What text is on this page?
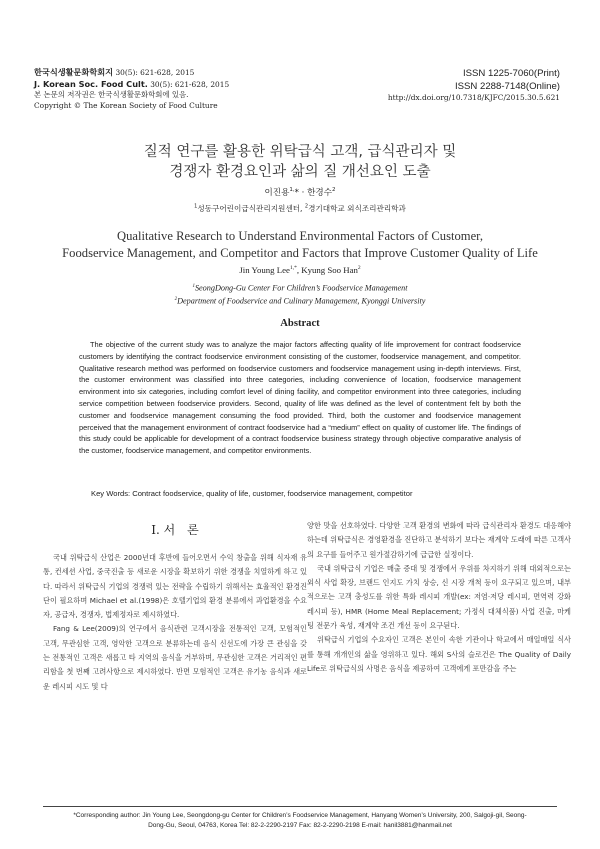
한국식생활문화학회지 30(5): 621-628, 2015
J. Korean Soc. Food Cult. 30(5): 621-628, 2015
본 논문의 저작권은 한국식생활문화학회에 있음.
Copyright © The Korean Society of Food Culture
ISSN 1225-7060(Print)
ISSN 2288-7148(Online)
http://dx.doi.org/10.7318/KJFC/2015.30.5.621
질적 연구를 활용한 위탁급식 고객, 급식관리자 및
경쟁자 환경요인과 삶의 질 개선요인 도출
이진용$^{1,}$* · 한경수$^2$
$^1$성동구어린이급식관리지원센터, $^2$경기대학교 외식조리관리학과
Qualitative Research to Understand Environmental Factors of Customer,
Foodservice Management, and Competitor and Factors that Improve Customer Quality of Life
Jin Young Lee$^{1,*}$, Kyung Soo Han$^2$
$^1$SeongDong-Gu Center For Children’s Foodservice Management
$^2$Department of Foodservice and Culinary Management, Kyonggi University
Abstract
The objective of the current study was to analyze the major factors affecting quality of life improvement for contract foodservice customers by identifying the contract foodservice environment consisting of the customer, foodservice management, and competitor. Qualitative research method was performed on foodservice customers and foodservice management using in-depth interviews. First, the customer environment was classified into three categories, including convenience of location, foodservice management environment into six categories, including comfort level of dining facility, and competitor environment into three categories, including service competition between foodservice providers. Second, quality of life was defined as the level of contentment felt by both the customer and foodservice management consuming the food provided. Third, both the customer and foodservice management perceived that the management environment of contract foodservice had a “medium” effect on quality of customer life. The findings of this study could be applicable for development of a contract foodservice business strategy through objective comparative analysis of the customer, foodservice management, and competitor environments.
Key Words: Contract foodservice, quality of life, customer, foodservice management, competitor
Ⅰ. 서　론

국내 위탁급식 산업은 2000년대 후반에 들어오면서 수익 창출을 위해 식자재 유통, 컨세션 사업, 중국진출 등 새로운 시장을 확보하기 위한 경쟁을 치열하게 하고 있다. 따라서 위탁급식 기업의 경쟁력 있는 전략을 수립하기 위해서는 효율적인 환경진단이 필요하며 Michael et al.(1998)은 호텔기업의 환경 분류에서 과업환경을 수요자, 공급자, 경쟁자, 법제정자로 제시하였다.

Fang & Lee(2009)의 연구에서 음식관련 고객시장을 전통적인 고객, 모험적인 고객, 무관심한 고객, 영악한 고객으로 분류하는데 음식 신선도에 가장 큰 관심을 갖는 전통적인 고객은 새롭고 타 지역의 음식을 거부하며, 무관심한 고객은 거리적인 편리함을 첫 번째 고려사항으로 제시하였다. 반면 모험적인 고객은 유기농 음식과 새로운 레시피 시도 및 다

양한 맛을 선호하였다. 다양한 고객 환경의 변화에 따라 급식관리자 환경도 대응해야 하는데 위탁급식은 경영환경을 진단하고 분석하기 보다는 재계약 도래에 따른 고객사의 요구를 들어주고 원가절감하기에 급급한 실정이다.

국내 위탁급식 기업은 매출 증대 및 경쟁에서 우위를 차지하기 위해 대외적으로는 외식 사업 확장, 브랜드 인지도 가치 상승, 신 시장 개척 등이 요구되고 있으며, 내부적으로는 고객 충성도를 위한 특화 레시피 개발(ex: 저염·저당 레시피, 면역력 강화 레시피 등), HMR (Home Meal Replacement; 가정식 대체식품) 사업 진출, 마케팅 전문가 육성, 재계약 조건 개선 등이 요구된다.

위탁급식 기업의 수요자인 고객은 본인이 속한 기관이나 학교에서 매일매일 식사를 통해 개개인의 삶을 영위하고 있다. 해외 S사의 슬로건은 The Quality of Daily Life로 위탁급식의 사명은 음식을 제공하여 고객에게 포만감을 주는

*Corresponding author: Jin Young Lee, Seongdong-gu Center for Children’s Foodservice Management, Hanyang Women’s University, 200, Salgoji-gil, Seong-
Dong-Gu, Seoul, 04763, Korea Tel: 82-2-2290-2197 Fax: 82-2-2290-2198 E-mail: hanil3881@hanmail.net
